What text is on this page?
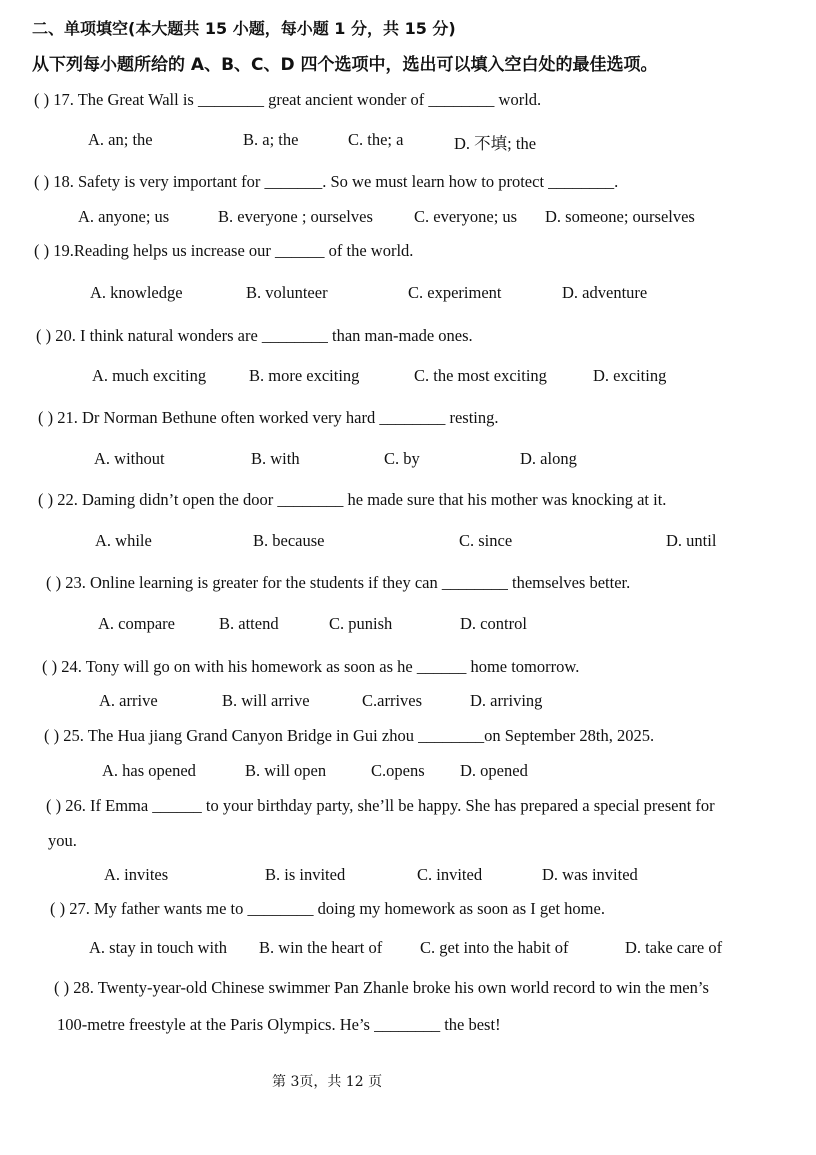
二、单项填空(本大题共 15 小题，每小题 1 分，共 15 分)
从下列每小题所给的 A、B、C、D 四个选项中，选出可以填入空白处的最佳选项。
( ) 17. The Great Wall is ________ great ancient wonder of ________ world.
A. an; the	B. a; the	C. the; a	D. 不填; the
( ) 18. Safety is very important for _______. So we must learn how to protect ________.
A. anyone; us	B. everyone ; ourselves C. everyone; us D. someone; ourselves
( ) 19.Reading helps us increase our ______ of the world.
A. knowledge	B. volunteer	C. experiment	D. adventure
( ) 20. I think natural wonders are ________ than man-made ones.
A. much exciting	B. more exciting	C. the most exciting	D. exciting
( ) 21. Dr Norman Bethune often worked very hard ________ resting.
A. without	B. with	C. by	D. along
( ) 22. Daming didn’t open the door ________ he made sure that his mother was knocking at it.
A. while	B. because	C. since	D. until
( ) 23. Online learning is greater for the students if they can ________ themselves better.
A. compare	B. attend	C. punish	D. control
( ) 24. Tony will go on with his homework as soon as he ______ home tomorrow.
A. arrive	B. will arrive	C.arrives	D. arriving
( ) 25. The Hua jiang Grand Canyon Bridge in Gui zhou ________on September 28th, 2025.
A. has opened	B. will open	C.opens D. opened
( ) 26. If Emma ______ to your birthday party, she’ll be happy. She has prepared a special present for
you.
A. invites	B. is invited	C. invited	D. was invited
( ) 27. My father wants me to ________ doing my homework as soon as I get home.
A. stay in touch with B. win the heart of C. get into the habit of	D. take care of
( ) 28. Twenty-year-old Chinese swimmer Pan Zhanle broke his own world record to win the men’s
100-metre freestyle at the Paris Olympics. He’s ________ the best!
第 3页，共 12 页
